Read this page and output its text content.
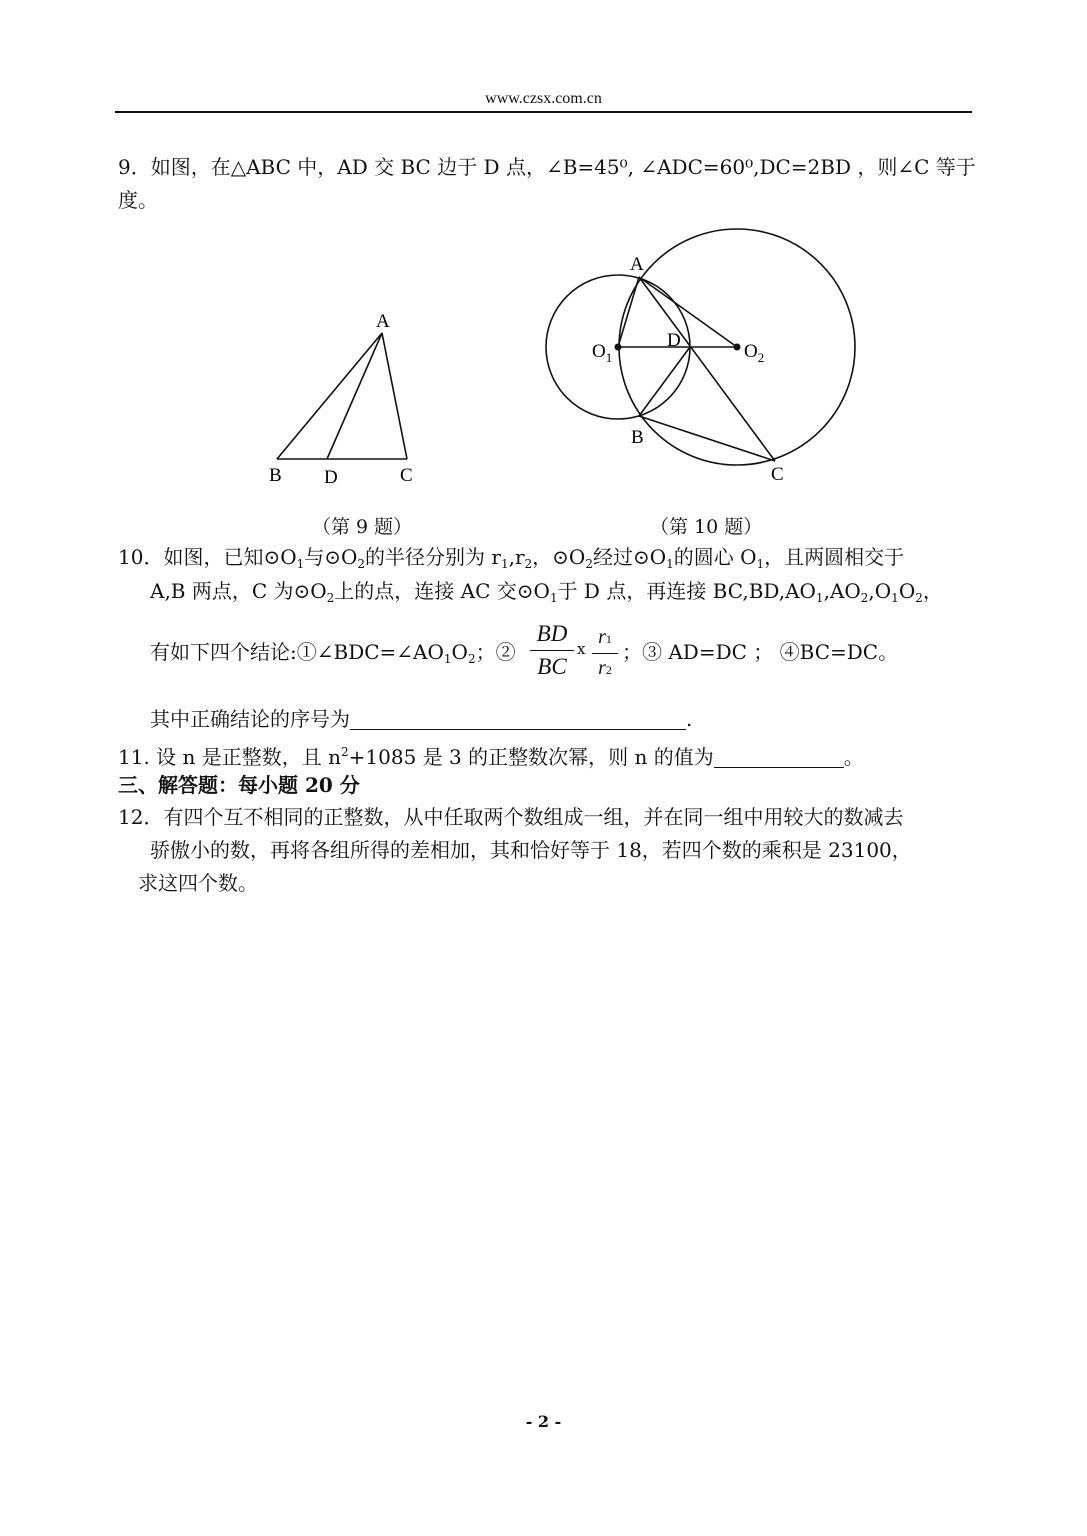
www.czsx.com.cn
9．如图，在△ABC 中，AD 交 BC 边于 D 点，∠B=45⁰, ∠ADC=60⁰,DC=2BD ，则∠C 等于
度。
A
B D	C
（第 9 题）
A
D
$O_1$	$O_2$
B
C
（第 10 题）
10．如图，已知$⊙O_1$与$⊙O_2$的半径分别为 $r_1,r_2$，$⊙O_2$经过$⊙O_1$的圆心 $O_1$，且两圆相交于
A,B 两点，C 为$⊙O_2$上的点，连接 AC 交$⊙O_1$于 D 点，再连接 $BC,BD,AO_1,AO_2,O_1O_2$，
有如下四个结论$:①\angle BDC=\angle AO_1O_2$；②
BD
BC
ⅹ
r1
r2
；③ AD=DC ； ④BC=DC。
其中正确结论的序号为	.
11. 设 n 是正整数，且 $n^2+1085$ 是 3 的正整数次幂，则 n 的值为	。
三、解答题：每小题 20 分
12．有四个互不相同的正整数，从中任取两个数组成一组，并在同一组中用较大的数减去
骄傲小的数，再将各组所得的差相加，其和恰好等于 18，若四个数的乘积是 23100，
求这四个数。
- 2 -
